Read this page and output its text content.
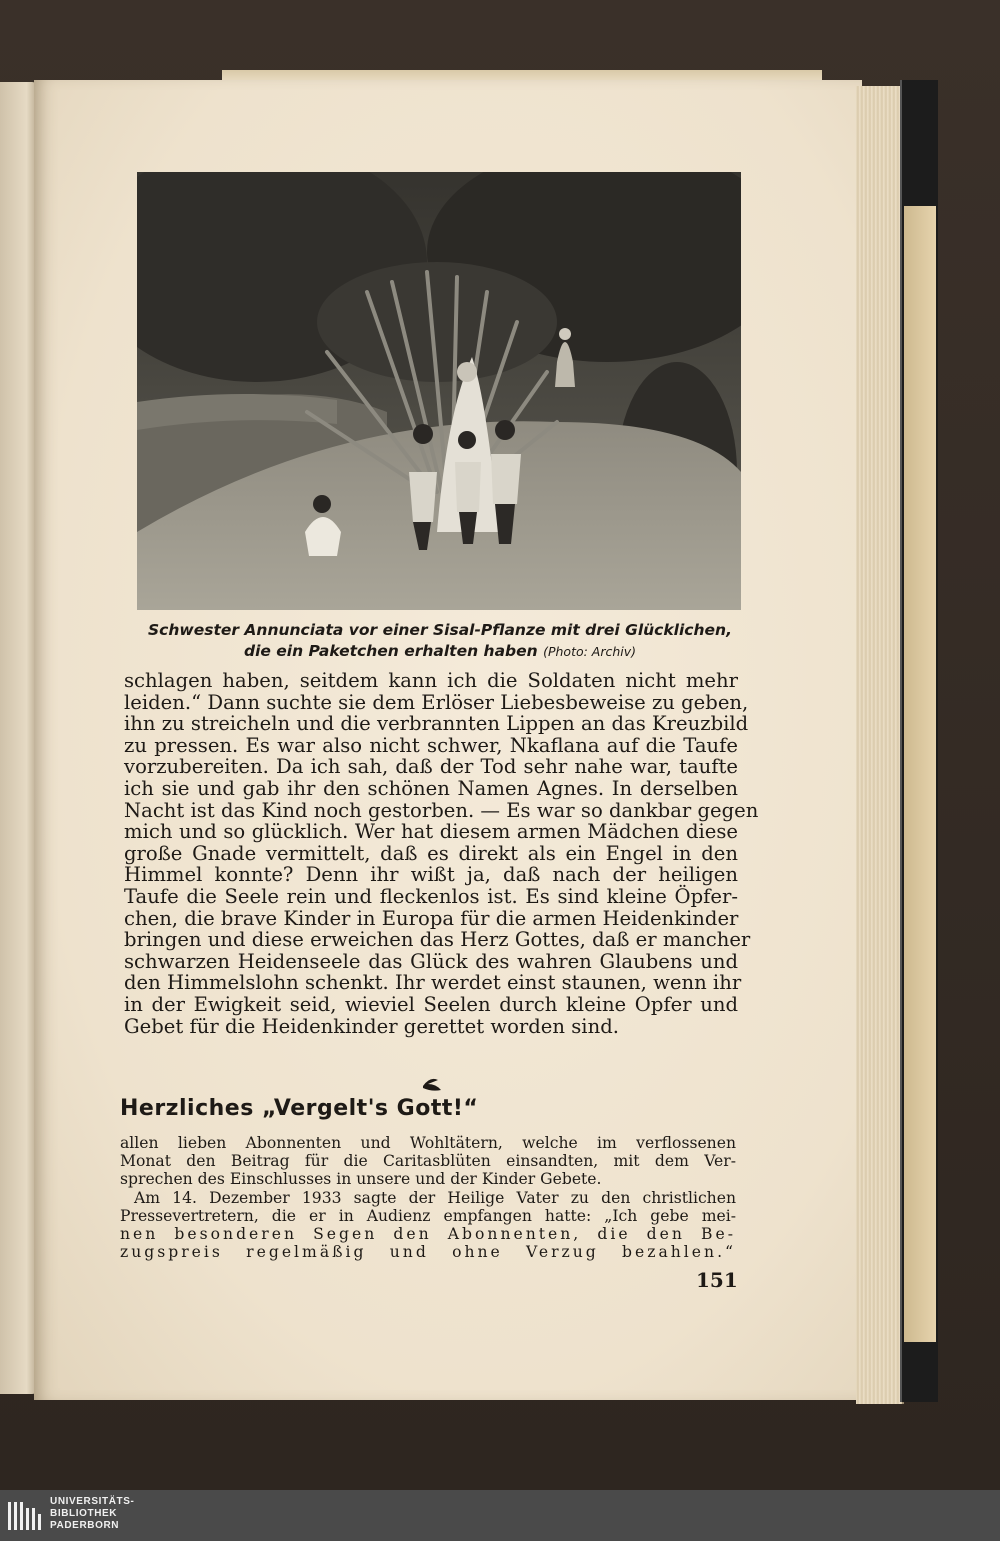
Schwester Annunciata vor einer Sisal-Pflanze mit drei Glücklichen,
die ein Paketchen erhalten haben (Photo: Archiv)
schlagen haben, seitdem kann ich die Soldaten nicht mehr
leiden.“ Dann suchte sie dem Erlöser Liebesbeweise zu geben,
ihn zu streicheln und die verbrannten Lippen an das Kreuzbild
zu pressen. Es war also nicht schwer, Nkaflana auf die Taufe
vorzubereiten. Da ich sah, daß der Tod sehr nahe war, taufte
ich sie und gab ihr den schönen Namen Agnes. In derselben
Nacht ist das Kind noch gestorben. — Es war so dankbar gegen
mich und so glücklich. Wer hat diesem armen Mädchen diese
große Gnade vermittelt, daß es direkt als ein Engel in den
Himmel konnte? Denn ihr wißt ja, daß nach der heiligen
Taufe die Seele rein und fleckenlos ist. Es sind kleine Öpfer-
chen, die brave Kinder in Europa für die armen Heidenkinder
bringen und diese erweichen das Herz Gottes, daß er mancher
schwarzen Heidenseele das Glück des wahren Glaubens und
den Himmelslohn schenkt. Ihr werdet einst staunen, wenn ihr
in der Ewigkeit seid, wieviel Seelen durch kleine Opfer und
Gebet für die Heidenkinder gerettet worden sind.
Herzliches „Vergelt's Gott!“
allen lieben Abonnenten und Wohltätern, welche im verflossenen
Monat den Beitrag für die Caritasblüten einsandten, mit dem Ver-
sprechen des Einschlusses in unsere und der Kinder Gebete.
Am 14. Dezember 1933 sagte der Heilige Vater zu den christlichen
Pressevertretern, die er in Audienz empfangen hatte: „Ich gebe mei-
nen besonderen Segen den Abonnenten, die den Be-
zugspreis regelmäßig und ohne Verzug bezahlen.“
151
UNIVERSITÄTS-
BIBLIOTHEK
PADERBORN
